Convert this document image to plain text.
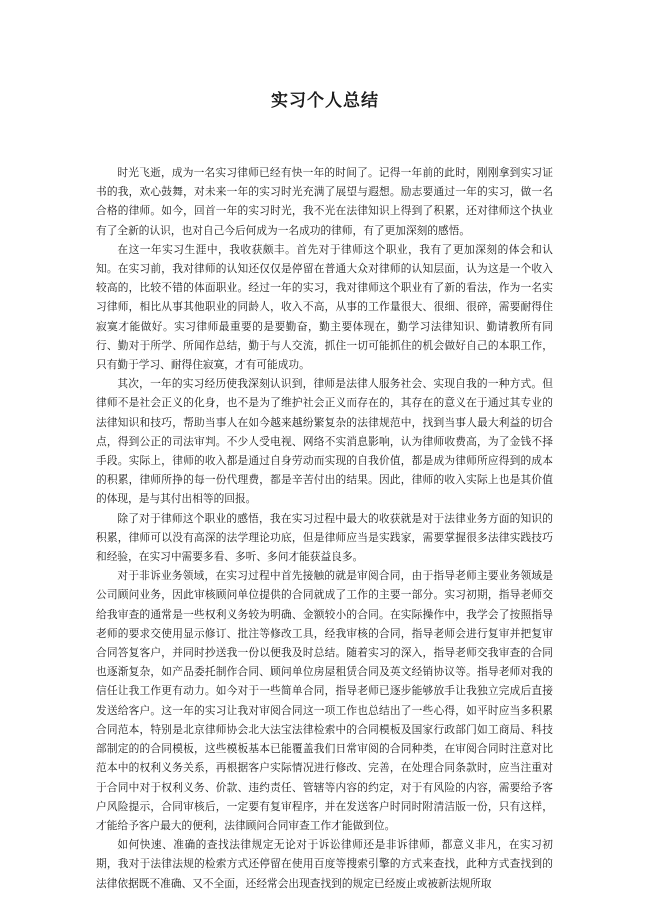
实习个人总结

时光飞逝，成为一名实习律师已经有快一年的时间了。记得一年前的此时，刚刚拿到实习证书的我，欢心鼓舞，对未来一年的实习时光充满了展望与遐想。励志要通过一年的实习，做一名合格的律师。如今，回首一年的实习时光，我不光在法律知识上得到了积累，还对律师这个执业有了全新的认识，也对自己今后何成为一名成功的律师，有了更加深刻的感悟。

在这一年实习生涯中，我收获颇丰。首先对于律师这个职业，我有了更加深刻的体会和认知。在实习前，我对律师的认知还仅仅是停留在普通大众对律师的认知层面，认为这是一个收入较高的，比较不错的体面职业。经过一年的实习，我对律师这个职业有了新的看法，作为一名实习律师，相比从事其他职业的同龄人，收入不高，从事的工作量很大、很细、很碎，需要耐得住寂寞才能做好。实习律师最重要的是要勤奋，勤主要体现在，勤学习法律知识、勤请教所有同行、勤对于所学、所闻作总结，勤于与人交流，抓住一切可能抓住的机会做好自己的本职工作，只有勤于学习、耐得住寂寞，才有可能成功。

其次，一年的实习经历使我深刻认识到，律师是法律人服务社会、实现自我的一种方式。但律师不是社会正义的化身，也不是为了维护社会正义而存在的，其存在的意义在于通过其专业的法律知识和技巧，帮助当事人在如今越来越纷繁复杂的法律规范中，找到当事人最大利益的切合点，得到公正的司法审判。不少人受电视、网络不实消息影响，认为律师收费高，为了金钱不择手段。实际上，律师的收入都是通过自身劳动而实现的自我价值，都是成为律师所应得到的成本的积累，律师所挣的每一份代理费，都是辛苦付出的结果。因此，律师的收入实际上也是其价值的体现，是与其付出相等的回报。

除了对于律师这个职业的感悟，我在实习过程中最大的收获就是对于法律业务方面的知识的积累，律师可以没有高深的法学理论功底，但是律师应当是实践家，需要掌握很多法律实践技巧和经验，在实习中需要多看、多听、多问才能获益良多。

对于非诉业务领域，在实习过程中首先接触的就是审阅合同，由于指导老师主要业务领域是公司顾问业务，因此审核顾问单位提供的合同就成了工作的主要一部分。实习初期，指导老师交给我审查的通常是一些权利义务较为明确、金额较小的合同。在实际操作中，我学会了按照指导老师的要求交使用显示修订、批注等修改工具，经我审核的合同，指导老师会进行复审并把复审合同答复客户，并同时抄送我一份以便我及时总结。随着实习的深入，指导老师交我审查的合同也逐渐复杂，如产品委托制作合同、顾问单位房屋租赁合同及英文经销协议等。指导老师对我的信任让我工作更有动力。如今对于一些简单合同，指导老师已逐步能够放手让我独立完成后直接发送给客户。这一年的实习让我对审阅合同这一项工作也总结出了一些心得，如平时应当多积累合同范本，特别是北京律师协会北大法宝法律检索中的合同模板及国家行政部门如工商局、科技部制定的的合同模板，这些模板基本已能覆盖我们日常审阅的合同种类，在审阅合同时注意对比范本中的权利义务关系，再根据客户实际情况进行修改、完善，在处理合同条款时，应当注重对于合同中对于权利义务、价款、违约责任、管辖等内容的约定，对于有风险的内容，需要给予客户风险提示，合同审核后，一定要有复审程序，并在发送客户时同时附清洁版一份，只有这样，才能给予客户最大的便利，法律顾问合同审查工作才能做到位。

如何快速、准确的查找法律规定无论对于诉讼律师还是非诉律师，都意义非凡，在实习初期，我对于法律法规的检索方式还停留在使用百度等搜索引擎的方式来查找，此种方式查找到的法律依据既不准确、又不全面，还经常会出现查找到的规定已经废止或被新法规所取
